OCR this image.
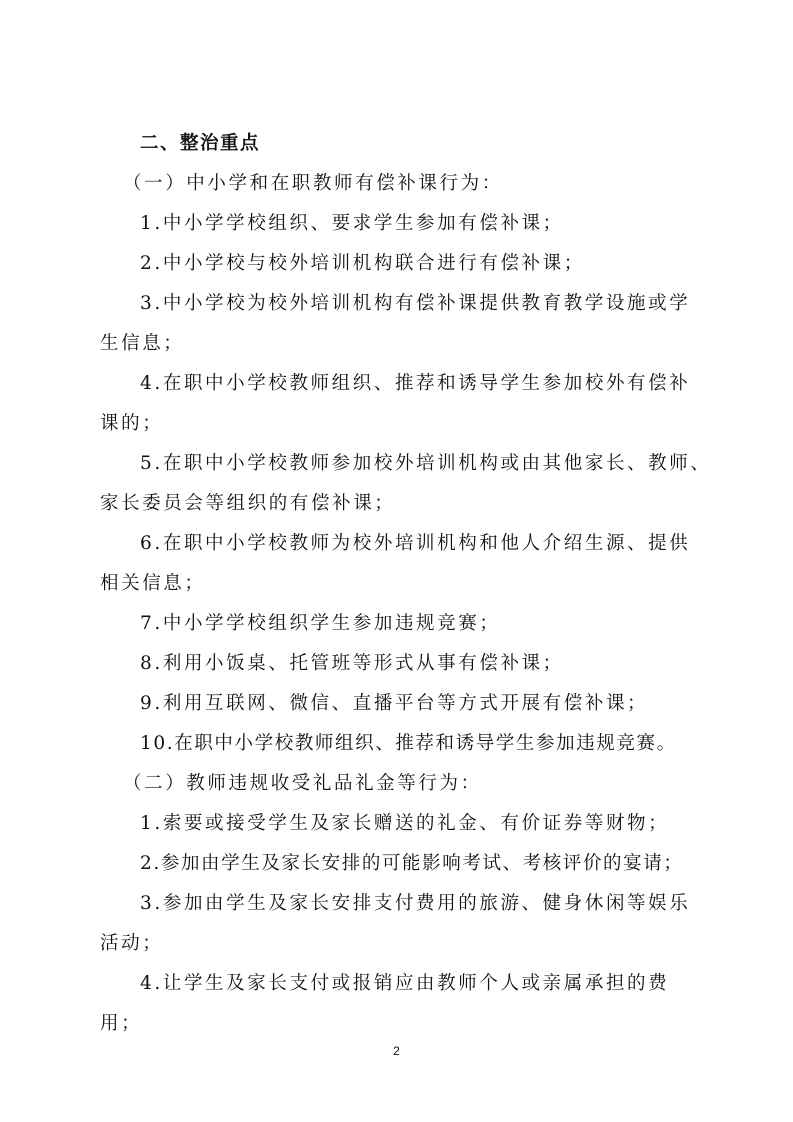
二、整治重点
（一）中小学和在职教师有偿补课行为：
1.中小学学校组织、要求学生参加有偿补课；
2.中小学校与校外培训机构联合进行有偿补课；
3.中小学校为校外培训机构有偿补课提供教育教学设施或学
生信息；
4.在职中小学校教师组织、推荐和诱导学生参加校外有偿补
课的；
5.在职中小学校教师参加校外培训机构或由其他家长、教师、
家长委员会等组织的有偿补课；
6.在职中小学校教师为校外培训机构和他人介绍生源、提供
相关信息；
7.中小学学校组织学生参加违规竞赛；
8.利用小饭桌、托管班等形式从事有偿补课；
9.利用互联网、微信、直播平台等方式开展有偿补课；
10.在职中小学校教师组织、推荐和诱导学生参加违规竞赛。
（二）教师违规收受礼品礼金等行为：
1.索要或接受学生及家长赠送的礼金、有价证券等财物；
2.参加由学生及家长安排的可能影响考试、考核评价的宴请；
3.参加由学生及家长安排支付费用的旅游、健身休闲等娱乐
活动；
4.让学生及家长支付或报销应由教师个人或亲属承担的费
用；
2
